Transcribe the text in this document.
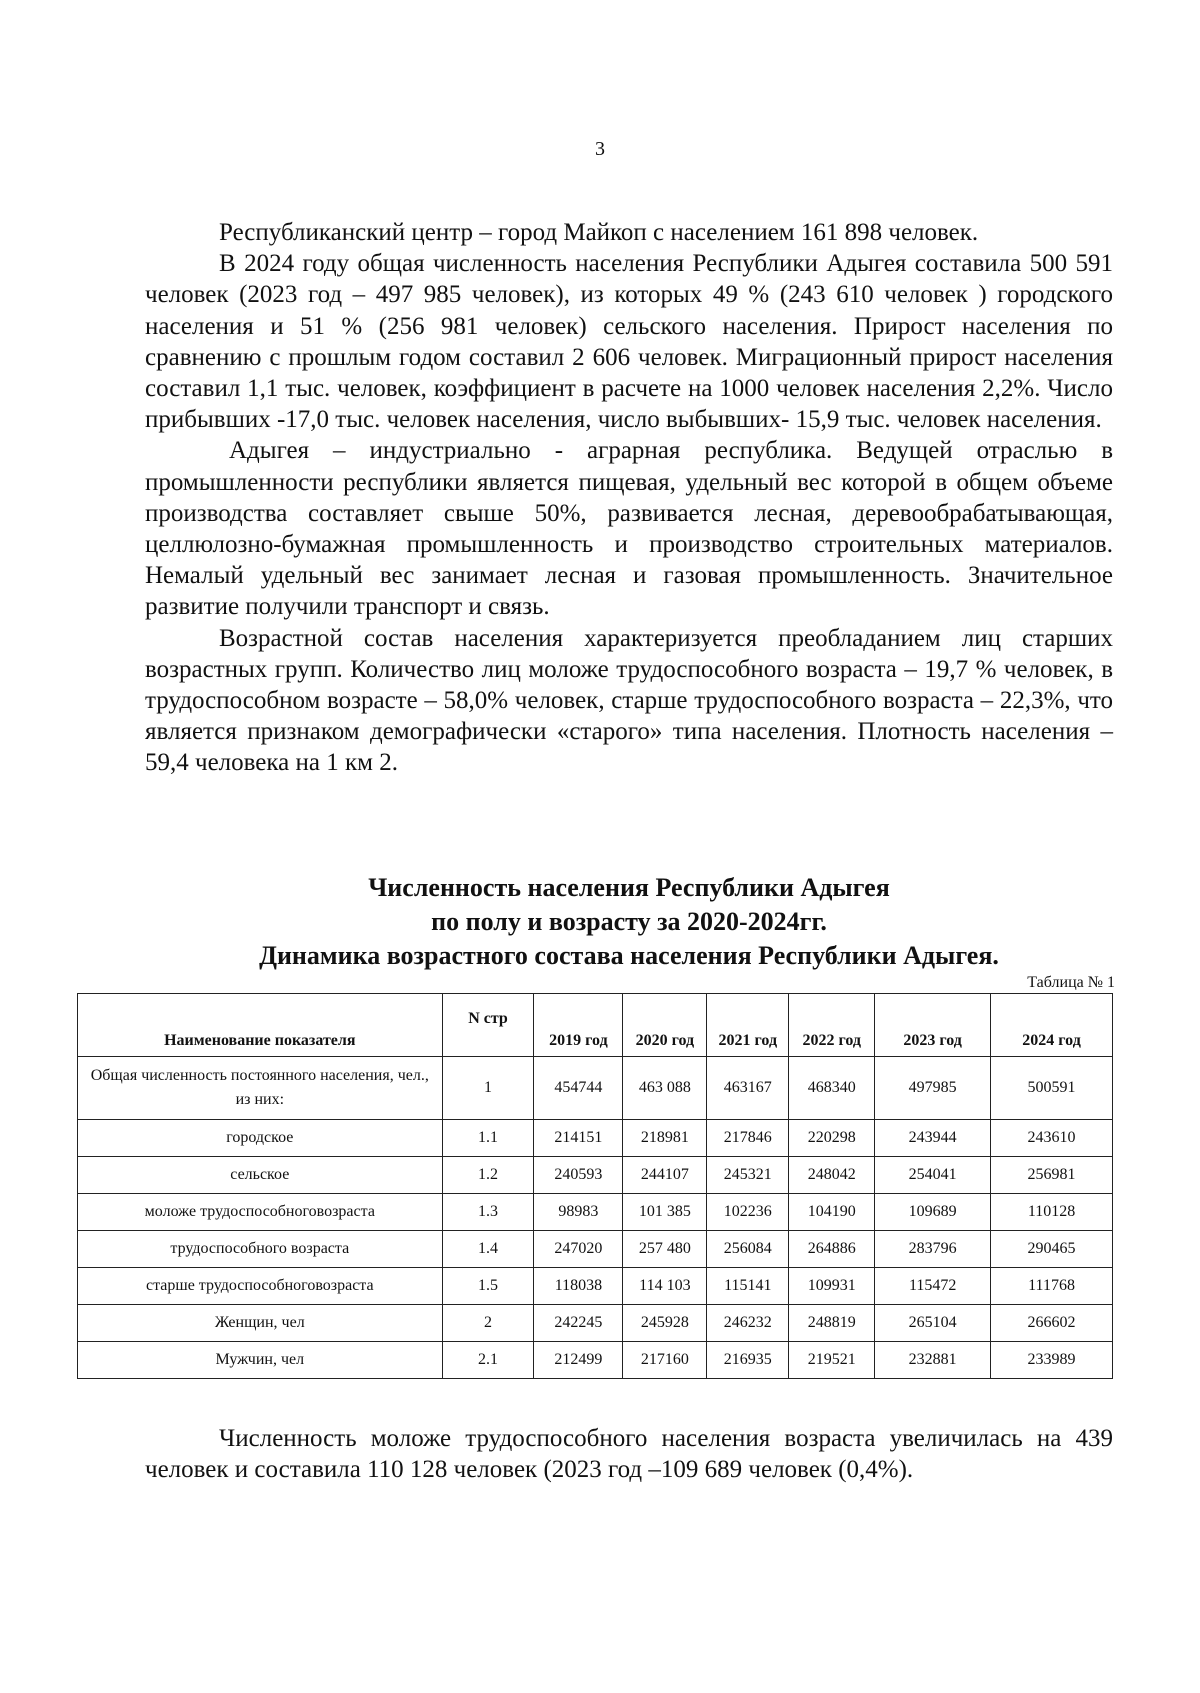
3

Республиканский центр – город Майкоп с населением 161 898 человек.

В 2024 году общая численность населения Республики Адыгея составила 500 591 человек (2023 год – 497 985 человек), из которых 49 % (243 610 человек ) городского населения и 51 % (256 981 человек) сельского населения. Прирост населения по сравнению с прошлым годом составил 2 606 человек. Миграционный прирост населения составил 1,1 тыс. человек, коэффициент в расчете на 1000 человек населения 2,2%. Число прибывших -17,0 тыс. человек населения, число выбывших- 15,9 тыс. человек населения.

Адыгея – индустриально - аграрная республика. Ведущей отраслью в промышленности республики является пищевая, удельный вес которой в общем объеме производства составляет свыше 50%, развивается лесная, деревообрабатывающая, целлюлозно-бумажная промышленность и производство строительных материалов. Немалый удельный вес занимает лесная и газовая промышленность. Значительное развитие получили транспорт и связь.

Возрастной состав населения характеризуется преобладанием лиц старших возрастных групп. Количество лиц моложе трудоспособного возраста – 19,7 % человек, в трудоспособном возрасте – 58,0% человек, старше трудоспособного возраста – 22,3%, что является признаком демографически «старого» типа населения. Плотность населения – 59,4 человека на 1 км 2.

Численность населения Республики Адыгея
по полу и возрасту за 2020-2024гг.
Динамика возрастного состава населения Республики Адыгея.
Таблица № 1
Наименование показателя	N стр	2019 год	2020 год	2021 год	2022 год	2023 год	2024 год
Общая численность постоянного населения, чел., из них:	1	454744	463 088	463167	468340	497985	500591
городское	1.1	214151	218981	217846	220298	243944	243610
сельское	1.2	240593	244107	245321	248042	254041	256981
моложе трудоспособноговозраста	1.3	98983	101 385	102236	104190	109689	110128
трудоспособного возраста	1.4	247020	257 480	256084	264886	283796	290465
старше трудоспособноговозраста	1.5	118038	114 103	115141	109931	115472	111768
Женщин, чел	2	242245	245928	246232	248819	265104	266602
Мужчин, чел	2.1	212499	217160	216935	219521	232881	233989

Численность моложе трудоспособного населения возраста увеличилась на 439 человек и составила 110 128 человек (2023 год –109 689 человек (0,4%).
